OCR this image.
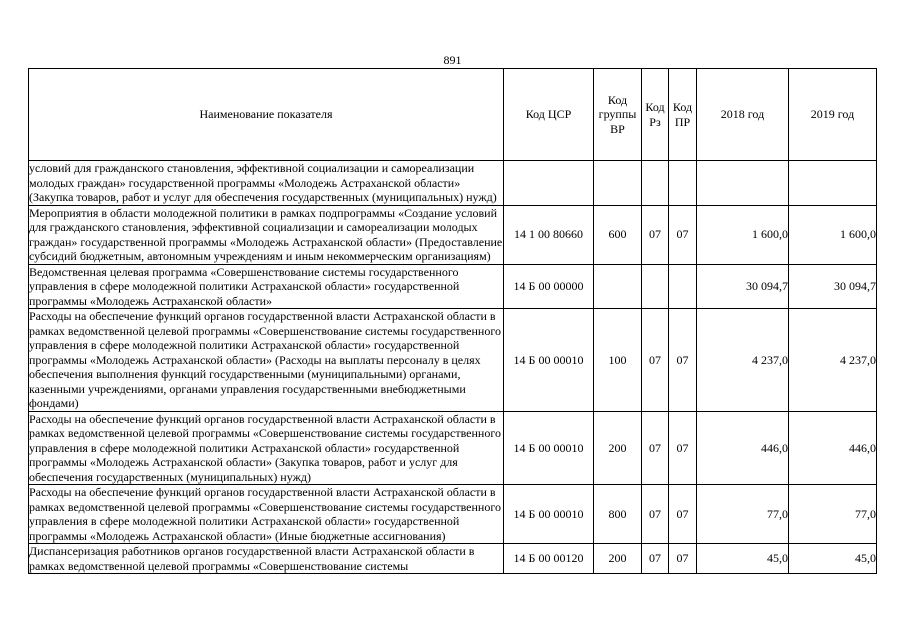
891
Наименование показателя	Код ЦСР	Код группы ВР	Код Рз	Код ПР	2018 год	2019 год
условий для гражданского становления, эффективной социализации и самореализации молодых граждан» государственной программы «Молодежь Астраханской области» (Закупка товаров, работ и услуг для обеспечения государственных (муниципальных) нужд)						
Мероприятия в области молодежной политики в рамках подпрограммы «Создание условий для гражданского становления, эффективной социализации и самореализации молодых граждан» государственной программы «Молодежь Астраханской области» (Предоставление субсидий бюджетным, автономным учреждениям и иным некоммерческим организациям)	14 1 00 80660	600	07	07	1 600,0	1 600,0
Ведомственная целевая программа «Совершенствование системы государственного управления в сфере молодежной политики Астраханской области» государственной программы «Молодежь Астраханской области»	14 Б 00 00000				30 094,7	30 094,7
Расходы на обеспечение функций органов государственной власти Астраханской области в рамках ведомственной целевой программы «Совершенствование системы государственного управления в сфере молодежной политики Астраханской области» государственной программы «Молодежь Астраханской области» (Расходы на выплаты персоналу в целях обеспечения выполнения функций государственными (муниципальными) органами, казенными учреждениями, органами управления государственными внебюджетными фондами)	14 Б 00 00010	100	07	07	4 237,0	4 237,0
Расходы на обеспечение функций органов государственной власти Астраханской области в рамках ведомственной целевой программы «Совершенствование системы государственного управления в сфере молодежной политики Астраханской области» государственной программы «Молодежь Астраханской области» (Закупка товаров, работ и услуг для обеспечения государственных (муниципальных) нужд)	14 Б 00 00010	200	07	07	446,0	446,0
Расходы на обеспечение функций органов государственной власти Астраханской области в рамках ведомственной целевой программы «Совершенствование системы государственного управления в сфере молодежной политики Астраханской области» государственной программы «Молодежь Астраханской области» (Иные бюджетные ассигнования)	14 Б 00 00010	800	07	07	77,0	77,0
Диспансеризация работников органов государственной власти Астраханской области в рамках ведомственной целевой программы «Совершенствование системы	14 Б 00 00120	200	07	07	45,0	45,0
